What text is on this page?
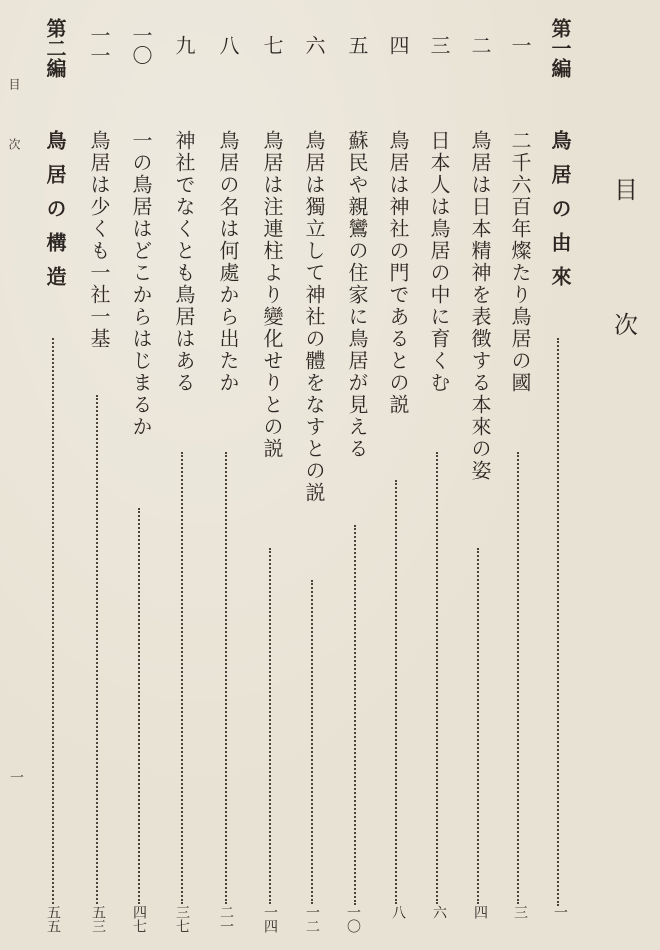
目
次
第一編
鳥居の由來
一
一
二千六百年燦たり鳥居の國
三
二
鳥居は日本精神を表徴する本來の姿
四
三
日本人は鳥居の中に育くむ
六
四
鳥居は神社の門であるとの説
八
五
蘇民や親鸞の住家に鳥居が見える
一〇
六
鳥居は獨立して神社の體をなすとの説
一二
七
鳥居は注連柱より變化せりとの説
一四
八
鳥居の名は何處から出たか
二一
九
神社でなくとも鳥居はある
三七
一〇
一の鳥居はどこからはじまるか
四七
一一
鳥居は少くも一社一基
五三
第二編
鳥居の構造
五五
目次
一
